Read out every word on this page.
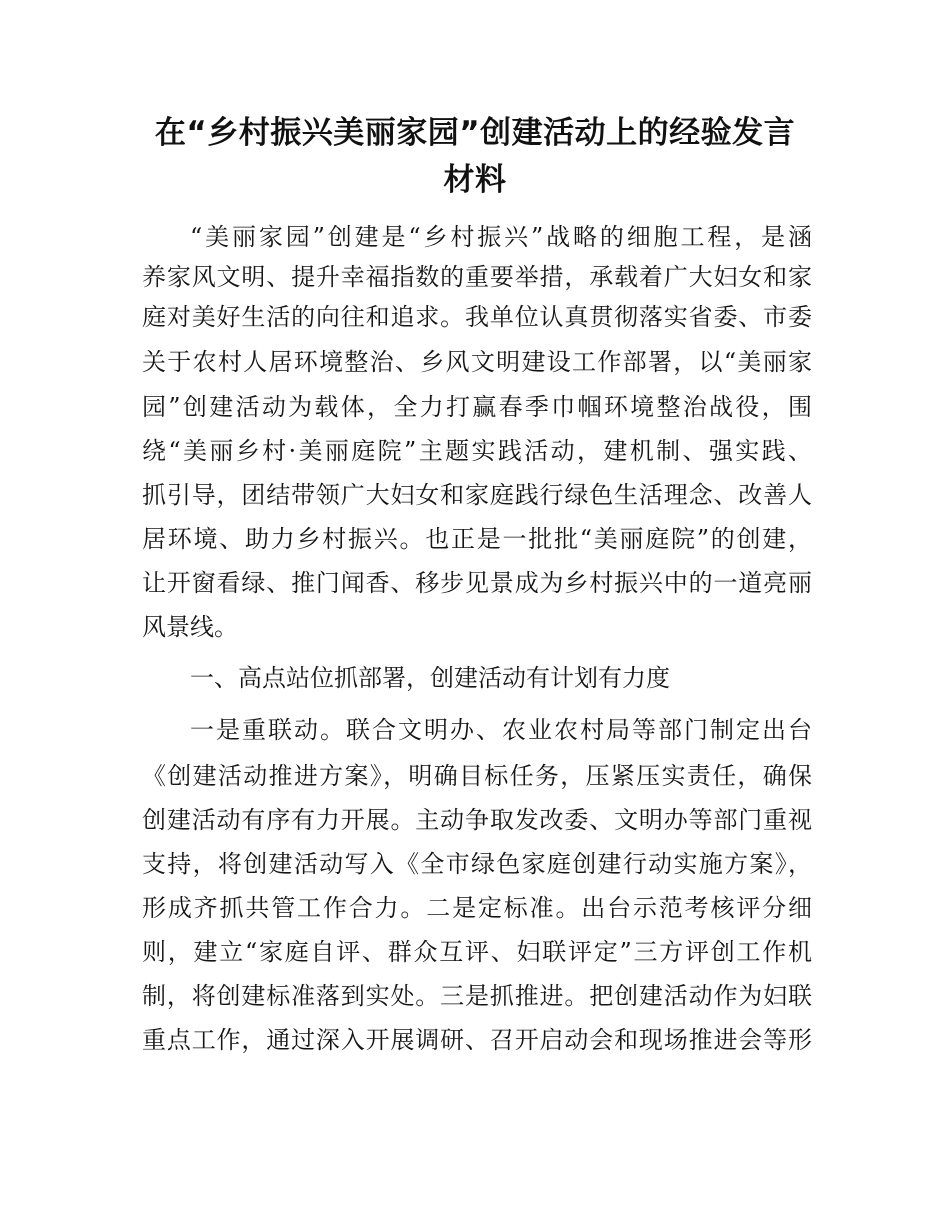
在“乡村振兴美丽家园”创建活动上的经验发言材料

“美丽家园”创建是“乡村振兴”战略的细胞工程，是涵

养家风文明、提升幸福指数的重要举措，承载着广大妇女和家

庭对美好生活的向往和追求。我单位认真贯彻落实省委、市委

关于农村人居环境整治、乡风文明建设工作部署，以“美丽家

园”创建活动为载体，全力打赢春季巾帼环境整治战役，围

绕“美丽乡村·美丽庭院”主题实践活动，建机制、强实践、

抓引导，团结带领广大妇女和家庭践行绿色生活理念、改善人

居环境、助力乡村振兴。也正是一批批“美丽庭院”的创建，

让开窗看绿、推门闻香、移步见景成为乡村振兴中的一道亮丽

风景线。

一、高点站位抓部署，创建活动有计划有力度

一是重联动。联合文明办、农业农村局等部门制定出台

《创建活动推进方案》，明确目标任务，压紧压实责任，确保

创建活动有序有力开展。主动争取发改委、文明办等部门重视

支持，将创建活动写入《全市绿色家庭创建行动实施方案》，

形成齐抓共管工作合力。二是定标准。出台示范考核评分细

则，建立“家庭自评、群众互评、妇联评定”三方评创工作机

制，将创建标准落到实处。三是抓推进。把创建活动作为妇联

重点工作，通过深入开展调研、召开启动会和现场推进会等形
